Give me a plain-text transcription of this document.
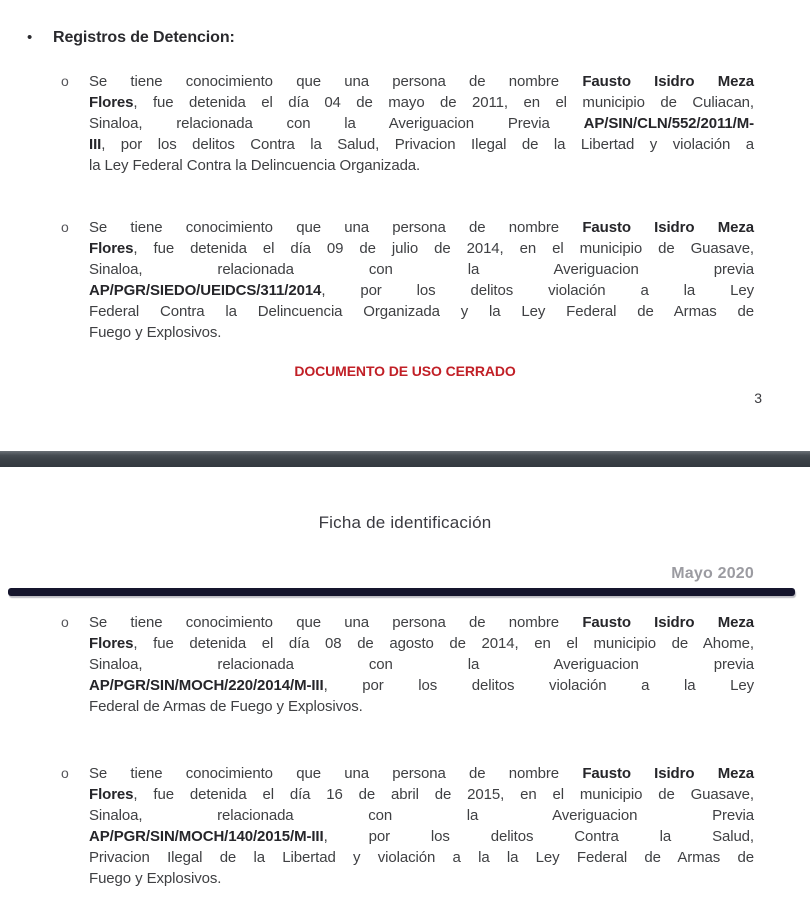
•	Registros de Detencion:
o	Se tiene conocimiento que una persona de nombre Fausto Isidro Meza
Flores, fue detenida el día 04 de mayo de 2011, en el municipio de Culiacan,
Sinaloa, relacionada con la Averiguacion Previa AP/SIN/CLN/552/2011/M-
III, por los delitos Contra la Salud, Privacion Ilegal de la Libertad y violación a
la Ley Federal Contra la Delincuencia Organizada.
o	Se tiene conocimiento que una persona de nombre Fausto Isidro Meza
Flores, fue detenida el día 09 de julio de 2014, en el municipio de Guasave,
Sinaloa, relacionada con la Averiguacion previa
AP/PGR/SIEDO/UEIDCS/311/2014, por los delitos violación a la Ley
Federal Contra la Delincuencia Organizada y la Ley Federal de Armas de
Fuego y Explosivos.
DOCUMENTO DE USO CERRADO
3
Ficha de identificación
Mayo 2020
o	Se tiene conocimiento que una persona de nombre Fausto Isidro Meza
Flores, fue detenida el día 08 de agosto de 2014, en el municipio de Ahome,
Sinaloa, relacionada con la Averiguacion previa
AP/PGR/SIN/MOCH/220/2014/M-III, por los delitos violación a la Ley
Federal de Armas de Fuego y Explosivos.
o	Se tiene conocimiento que una persona de nombre Fausto Isidro Meza
Flores, fue detenida el día 16 de abril de 2015, en el municipio de Guasave,
Sinaloa, relacionada con la Averiguacion Previa
AP/PGR/SIN/MOCH/140/2015/M-III, por los delitos Contra la Salud,
Privacion Ilegal de la Libertad y violación a la la Ley Federal de Armas de
Fuego y Explosivos.
